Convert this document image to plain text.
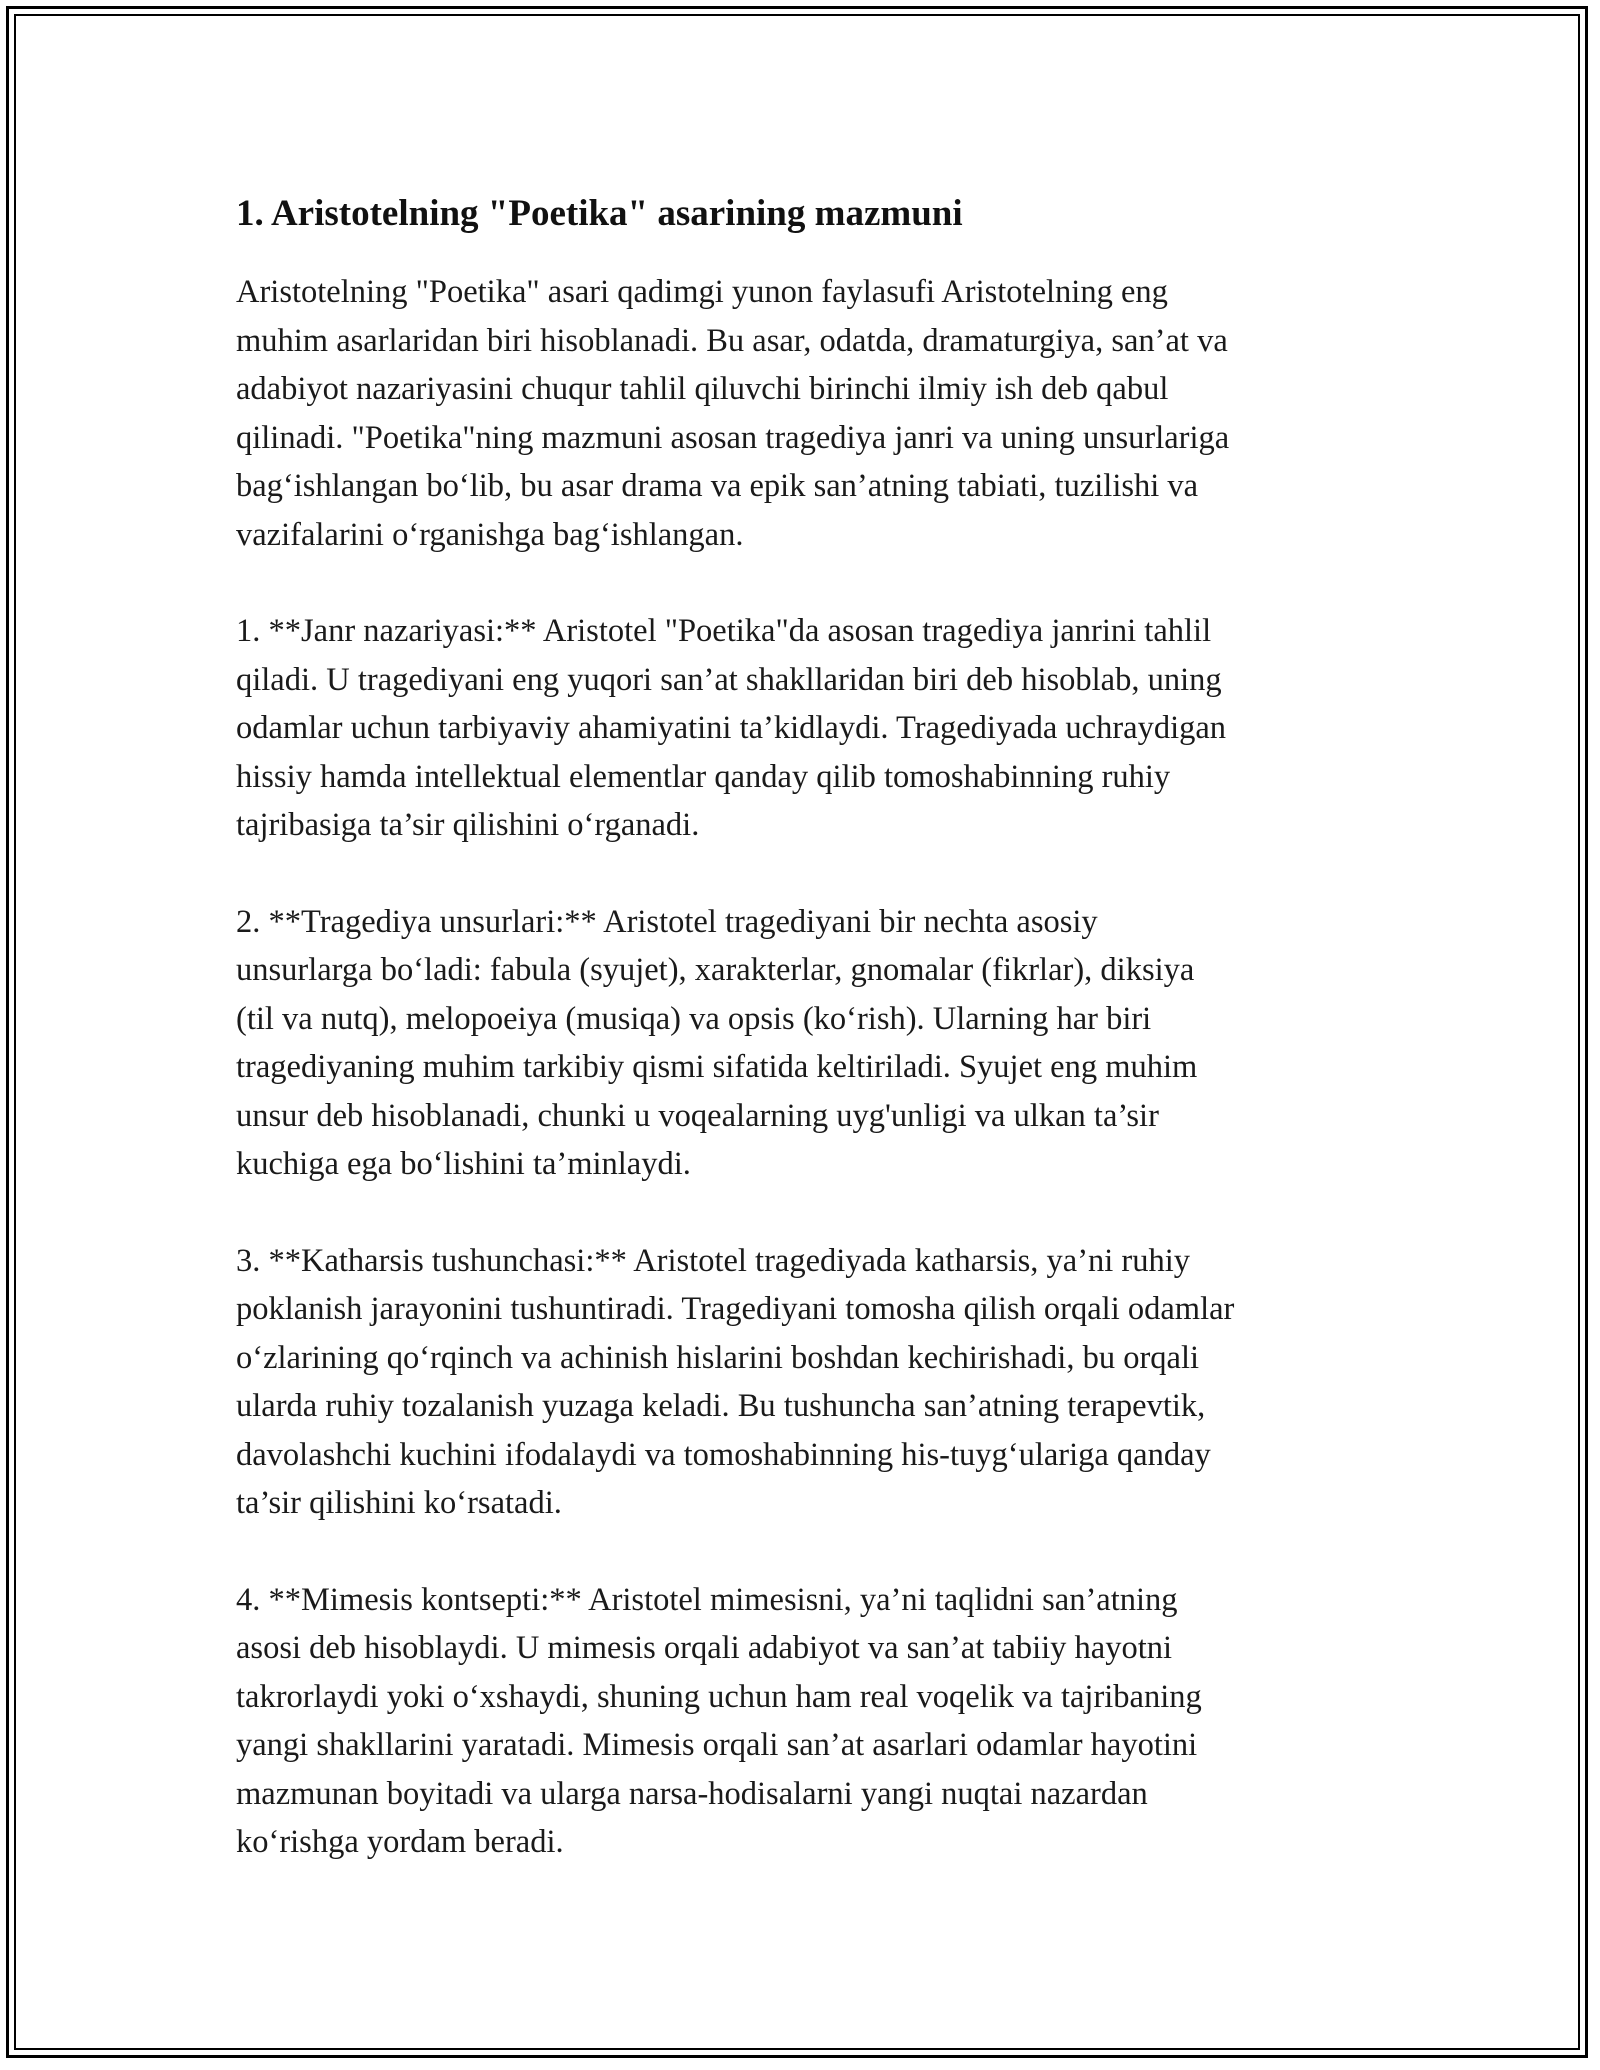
1. Aristotelning "Poetika" asarining mazmuni

Aristotelning "Poetika" asari qadimgi yunon faylasufi Aristotelning eng
muhim asarlaridan biri hisoblanadi. Bu asar, odatda, dramaturgiya, san’at va
adabiyot nazariyasini chuqur tahlil qiluvchi birinchi ilmiy ish deb qabul
qilinadi. "Poetika"ning mazmuni asosan tragediya janri va uning unsurlariga
bag‘ishlangan bo‘lib, bu asar drama va epik san’atning tabiati, tuzilishi va
vazifalarini o‘rganishga bag‘ishlangan.

1. **Janr nazariyasi:** Aristotel "Poetika"da asosan tragediya janrini tahlil
qiladi. U tragediyani eng yuqori san’at shakllaridan biri deb hisoblab, uning
odamlar uchun tarbiyaviy ahamiyatini ta’kidlaydi. Tragediyada uchraydigan
hissiy hamda intellektual elementlar qanday qilib tomoshabinning ruhiy
tajribasiga ta’sir qilishini o‘rganadi.

2. **Tragediya unsurlari:** Aristotel tragediyani bir nechta asosiy
unsurlarga bo‘ladi: fabula (syujet), xarakterlar, gnomalar (fikrlar), diksiya
(til va nutq), melopoeiya (musiqa) va opsis (ko‘rish). Ularning har biri
tragediyaning muhim tarkibiy qismi sifatida keltiriladi. Syujet eng muhim
unsur deb hisoblanadi, chunki u voqealarning uyg'unligi va ulkan ta’sir
kuchiga ega bo‘lishini ta’minlaydi.

3. **Katharsis tushunchasi:** Aristotel tragediyada katharsis, ya’ni ruhiy
poklanish jarayonini tushuntiradi. Tragediyani tomosha qilish orqali odamlar
o‘zlarining qo‘rqinch va achinish hislarini boshdan kechirishadi, bu orqali
ularda ruhiy tozalanish yuzaga keladi. Bu tushuncha san’atning terapevtik,
davolashchi kuchini ifodalaydi va tomoshabinning his-tuyg‘ulariga qanday
ta’sir qilishini ko‘rsatadi.

4. **Mimesis kontsepti:** Aristotel mimesisni, ya’ni taqlidni san’atning
asosi deb hisoblaydi. U mimesis orqali adabiyot va san’at tabiiy hayotni
takrorlaydi yoki o‘xshaydi, shuning uchun ham real voqelik va tajribaning
yangi shakllarini yaratadi. Mimesis orqali san’at asarlari odamlar hayotini
mazmunan boyitadi va ularga narsa-hodisalarni yangi nuqtai nazardan
ko‘rishga yordam beradi.
